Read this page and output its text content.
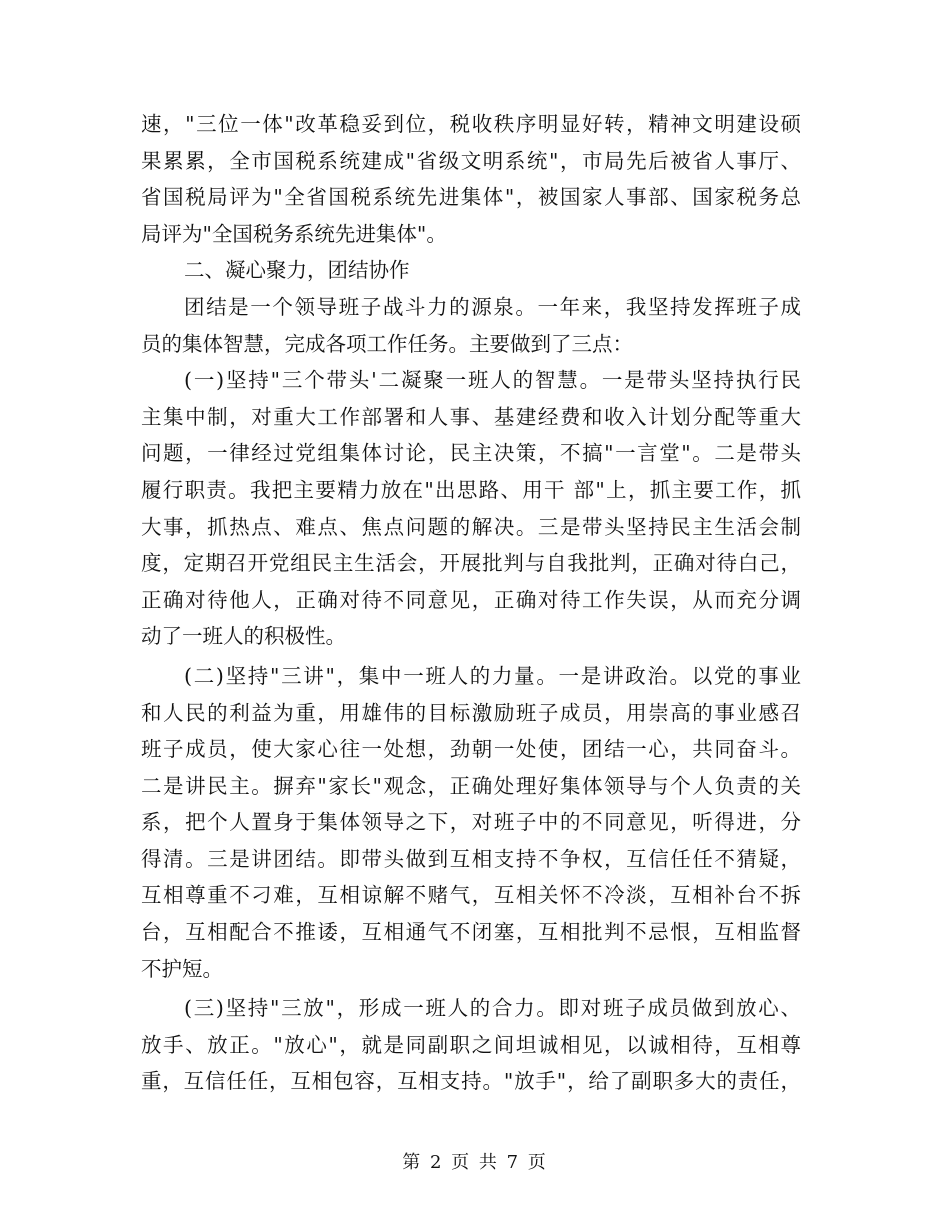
速，"三位一体"改革稳妥到位，税收秩序明显好转，精神文明建设硕
果累累，全市国税系统建成"省级文明系统"，市局先后被省人事厅、
省国税局评为"全省国税系统先进集体"，被国家人事部、国家税务总
局评为"全国税务系统先进集体"。
二、凝心聚力，团结协作
团结是一个领导班子战斗力的源泉。一年来，我坚持发挥班子成
员的集体智慧，完成各项工作任务。主要做到了三点：
(一)坚持"三个带头'二凝聚一班人的智慧。一是带头坚持执行民
主集中制，对重大工作部署和人事、基建经费和收入计划分配等重大
问题，一律经过党组集体讨论，民主决策，不搞"一言堂"。二是带头
履行职责。我把主要精力放在"出思路、用干 部"上，抓主要工作，抓
大事，抓热点、难点、焦点问题的解决。三是带头坚持民主生活会制
度，定期召开党组民主生活会，开展批判与自我批判，正确对待白己，
正确对待他人，正确对待不同意见，正确对待工作失误，从而充分调
动了一班人的积极性。
(二)坚持"三讲"，集中一班人的力量。一是讲政治。以党的事业
和人民的利益为重，用雄伟的目标激励班子成员，用崇高的事业感召
班子成员，使大家心往一处想，劲朝一处使，团结一心，共同奋斗。
二是讲民主。摒弃"家长"观念，正确处理好集体领导与个人负责的关
系，把个人置身于集体领导之下，对班子中的不同意见，听得进，分
得清。三是讲团结。即带头做到互相支持不争权，互信任任不猜疑，
互相尊重不刁难，互相谅解不赌气，互相关怀不冷淡，互相补台不拆
台，互相配合不推诿，互相通气不闭塞，互相批判不忌恨，互相监督
不护短。
(三)坚持"三放"，形成一班人的合力。即对班子成员做到放心、
放手、放正。"放心"，就是同副职之间坦诚相见，以诚相待，互相尊
重，互信任任，互相包容，互相支持。"放手"，给了副职多大的责任，
第 2 页 共 7 页
